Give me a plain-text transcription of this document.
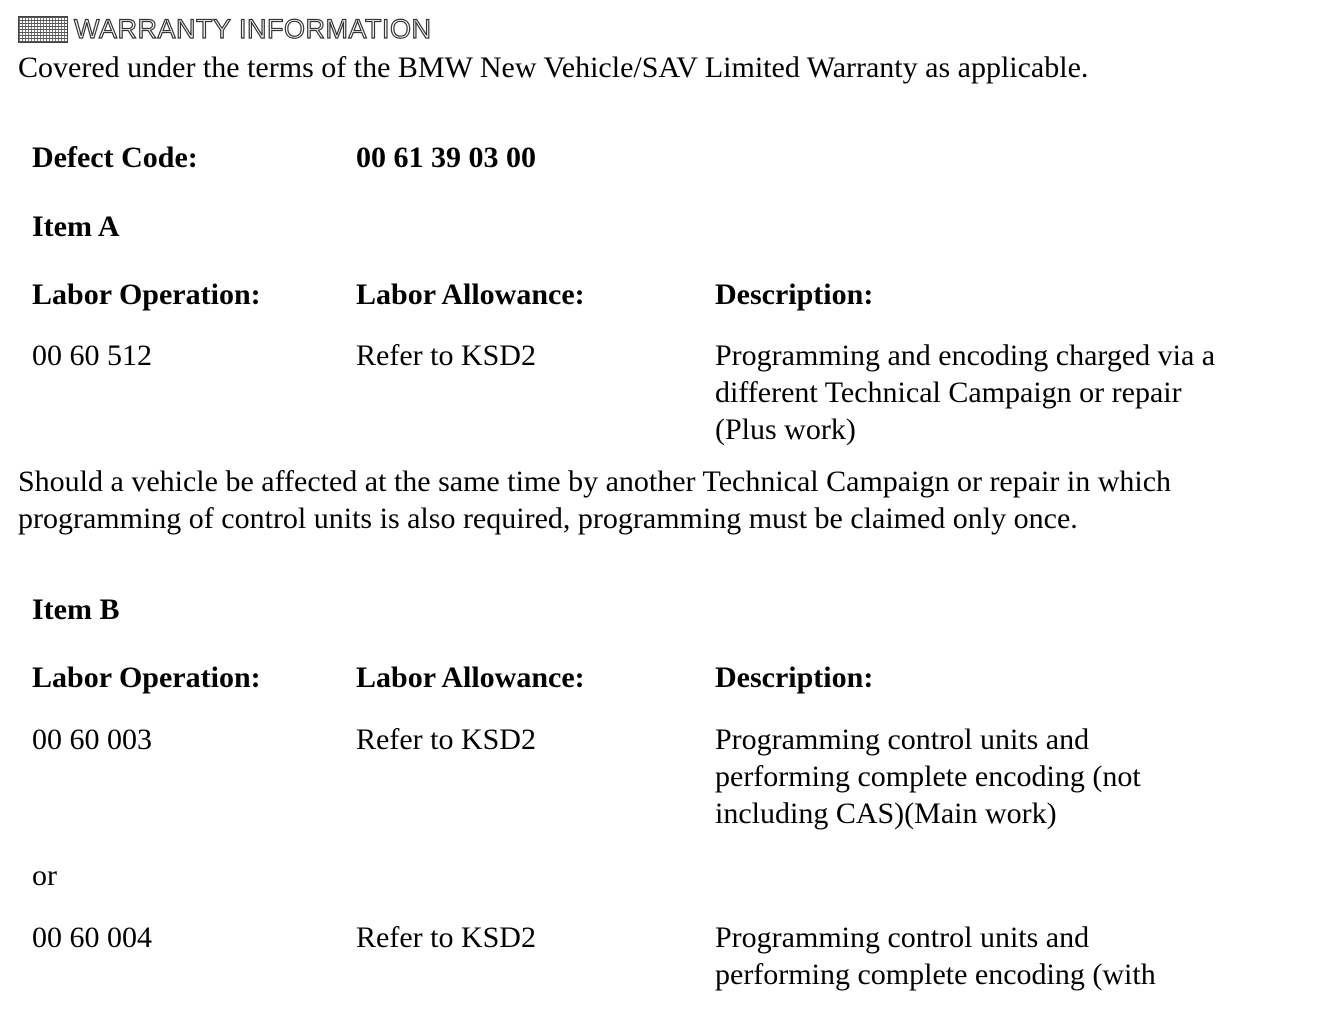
WARRANTY INFORMATION
Covered under the terms of the BMW New Vehicle/SAV Limited Warranty as applicable.
Defect Code:	00 61 39 03 00
Item A
Labor Operation:	Labor Allowance:	Description:
00 60 512	Refer to KSD2	Programming and encoding charged via a
different Technical Campaign or repair
(Plus work)
Should a vehicle be affected at the same time by another Technical Campaign or repair in which
programming of control units is also required, programming must be claimed only once.
Item B
Labor Operation:	Labor Allowance:	Description:
00 60 003	Refer to KSD2	Programming control units and
performing complete encoding (not
including CAS)(Main work)
or
00 60 004	Refer to KSD2	Programming control units and
performing complete encoding (with
